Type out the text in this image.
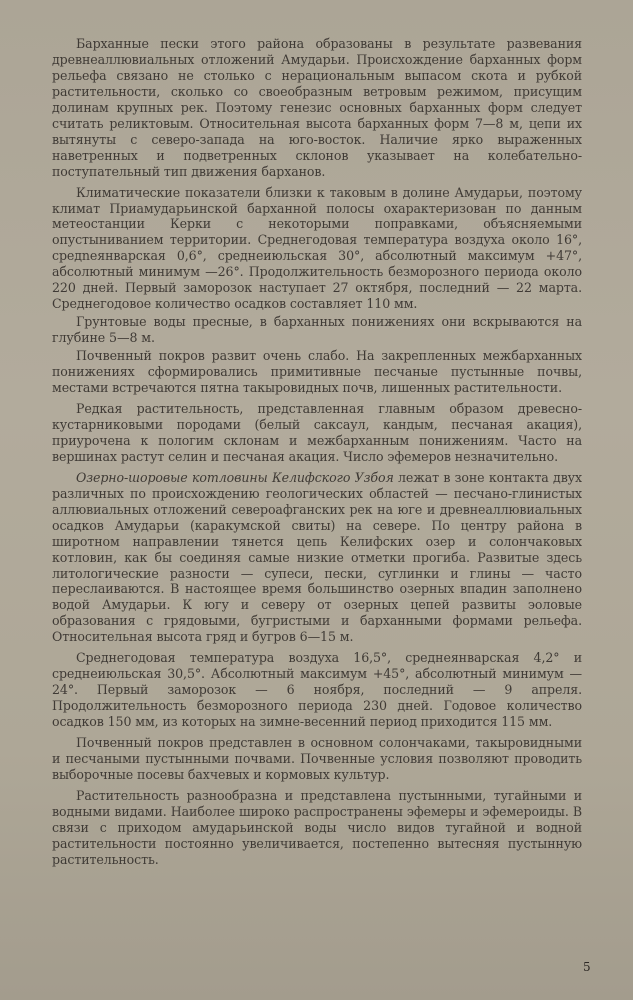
Барханные пески этого района образованы в результате развевания древнеаллювиальных отложений Амударьи. Происхождение барханных форм рельефа связано не столько с нерациональным выпасом скота и рубкой растительности, сколько со своеобразным ветровым режимом, присущим долинам крупных рек. Поэтому генезис основных барханных форм следует считать реликтовым. Относительная высота барханных форм 7—8 м, цепи их вытянуты с северо-запада на юго-восток. Наличие ярко выраженных наветренных и подветренных склонов указывает на колебательно-поступательный тип движения барханов.

Климатические показатели близки к таковым в долине Амударьи, поэтому климат Приамударьинской барханной полосы охарактеризован по данным метеостанции Керки с некоторыми поправками, объясняемыми опустыниванием территории. Среднегодовая температура воздуха около 16°, средneянварская 0,6°, среднеиюльская 30°, абсолютный максимум +47°, абсолютный минимум —26°. Продолжительность безморозного периода около 220 дней. Первый заморозок наступает 27 октября, последний — 22 марта. Среднегодовое количество осадков составляет 110 мм.

Грунтовые воды пресные, в барханных понижениях они вскрываются на глубине 5—8 м.

Почвенный покров развит очень слабо. На закрепленных межбарханных понижениях сформировались примитивные песчаные пустынные почвы, местами встречаются пятна такыровидных почв, лишенных растительности.

Редкая растительность, представленная главным образом древесно-кустарниковыми породами (белый саксаул, кандым, песчаная акация), приурочена к пологим склонам и межбарханным понижениям. Часто на вершинах растут селин и песчаная акация. Число эфемеров незначительно.

Озерно-шоровые котловины Келифского Узбоя лежат в зоне контакта двух различных по происхождению геологических областей — песчано-глинистых аллювиальных отложений североафганских рек на юге и древнеаллювиальных осадков Амударьи (каракумской свиты) на севере. По центру района в широтном направлении тянется цепь Келифских озер и солончаковых котловин, как бы соединяя самые низкие отметки прогиба. Развитые здесь литологические разности — супеси, пески, суглинки и глины — часто переслаиваются. В настоящее время большинство озерных впадин заполнено водой Амударьи. К югу и северу от озерных цепей развиты эоловые образования с грядовыми, бугристыми и барханными формами рельефа. Относительная высота гряд и бугров 6—15 м.

Среднегодовая температура воздуха 16,5°, среднеянварская 4,2° и среднеиюльская 30,5°. Абсолютный максимум +45°, абсолютный минимум —24°. Первый заморозок — 6 ноября, последний — 9 апреля. Продолжительность безморозного периода 230 дней. Годовое количество осадков 150 мм, из которых на зимне-весенний период приходится 115 мм.

Почвенный покров представлен в основном солончаками, такыровидными и песчаными пустынными почвами. Почвенные условия позволяют проводить выборочные посевы бахчевых и кормовых культур.

Растительность разнообразна и представлена пустынными, тугайными и водными видами. Наиболее широко распространены эфемеры и эфемероиды. В связи с приходом амударьинской воды число видов тугайной и водной растительности постоянно увеличивается, постепенно вытесняя пустынную растительность.

5
